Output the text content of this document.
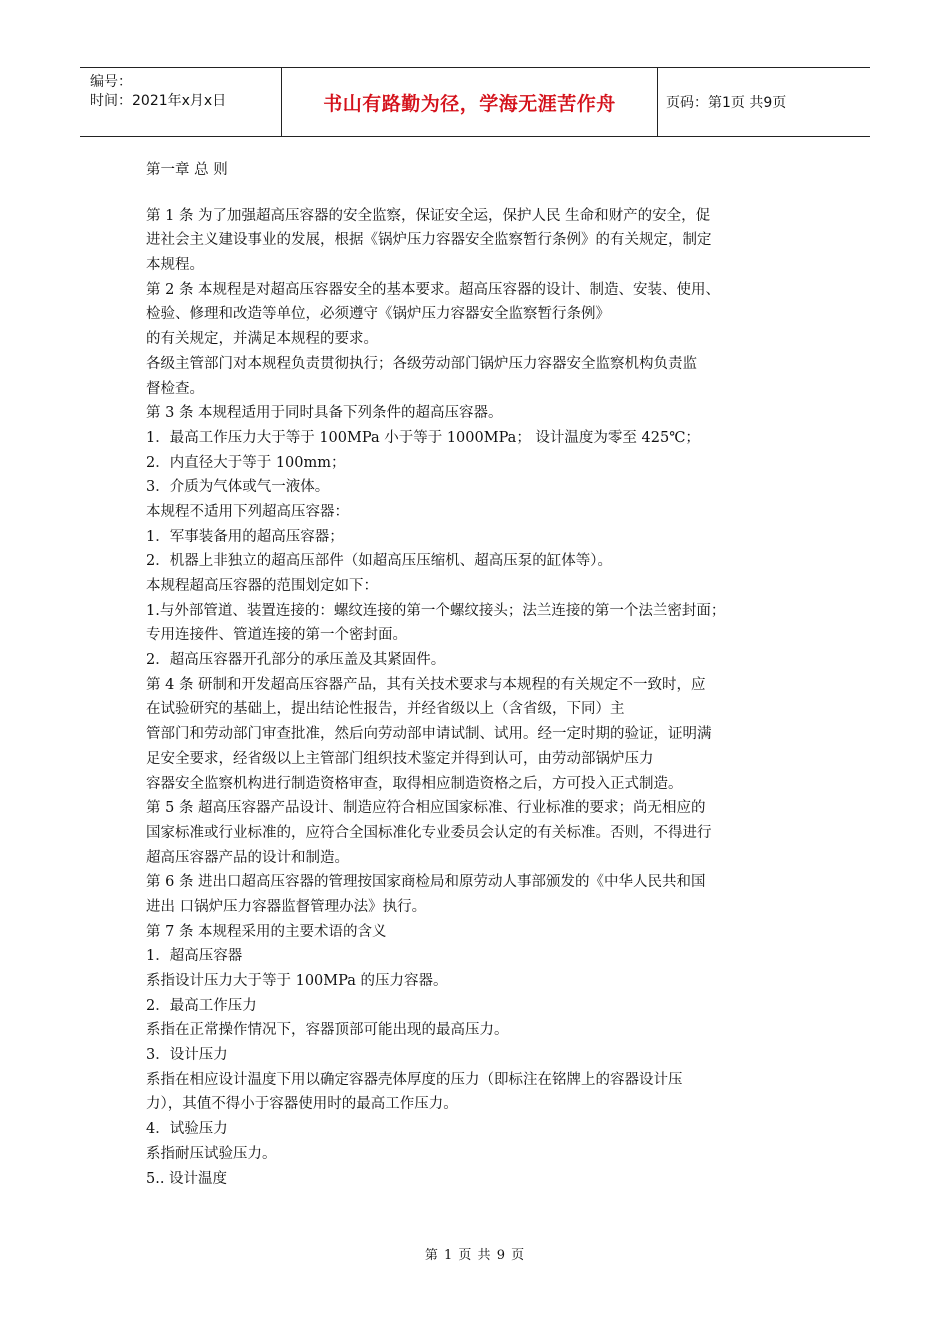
编号：
时间：2021年x月x日	书山有路勤为径，学海无涯苦作舟	页码：第1页 共9页
第一章 总 则
第 1 条 为了加强超高压容器的安全监察，保证安全运，保护人民 生命和财产的安全，促
进社会主义建设事业的发展，根据《锅炉压力容器安全监察暂行条例》的有关规定，制定
本规程。
第 2 条 本规程是对超高压容器安全的基本要求。超高压容器的设计、制造、安装、使用、
检验、修理和改造等单位，必须遵守《锅炉压力容器安全监察暂行条例》
的有关规定，并满足本规程的要求。
各级主管部门对本规程负责贯彻执行；各级劳动部门锅炉压力容器安全监察机构负责监
督检查。
第 3 条 本规程适用于同时具备下列条件的超高压容器。
1．最高工作压力大于等于 100MPa 小于等于 1000MPa； 设计温度为零至 425℃；
2．内直径大于等于 100mm；
3．介质为气体或气一液体。
本规程不适用下列超高压容器：
1．军事装备用的超高压容器；
2．机器上非独立的超高压部件（如超高压压缩机、超高压泵的缸体等）。
本规程超高压容器的范围划定如下：
1.与外部管道、装置连接的：螺纹连接的第一个螺纹接头；法兰连接的第一个法兰密封面；
专用连接件、管道连接的第一个密封面。
2．超高压容器开孔部分的承压盖及其紧固件。
第 4 条 研制和开发超高压容器产品，其有关技术要求与本规程的有关规定不一致时，应
在试验研究的基础上，提出结论性报告，并经省级以上（含省级，下同）主
管部门和劳动部门审查批准，然后向劳动部申请试制、试用。经一定时期的验证，证明满
足安全要求，经省级以上主管部门组织技术鉴定并得到认可，由劳动部锅炉压力
容器安全监察机构进行制造资格审查，取得相应制造资格之后，方可投入正式制造。
第 5 条 超高压容器产品设计、制造应符合相应国家标准、行业标准的要求；尚无相应的
国家标准或行业标准的，应符合全国标准化专业委员会认定的有关标准。否则，不得进行
超高压容器产品的设计和制造。
第 6 条 进出口超高压容器的管理按国家商检局和原劳动人事部颁发的《中华人民共和国
进出 口锅炉压力容器监督管理办法》执行。
第 7 条 本规程采用的主要术语的含义
1．超高压容器
系指设计压力大于等于 100MPa 的压力容器。
2．最高工作压力
系指在正常操作情况下，容器顶部可能出现的最高压力。
3．设计压力
系指在相应设计温度下用以确定容器壳体厚度的压力（即标注在铭牌上的容器设计压
力），其值不得小于容器使用时的最高工作压力。
4．试验压力
系指耐压试验压力。
5.. 设计温度
第 1 页 共 9 页
